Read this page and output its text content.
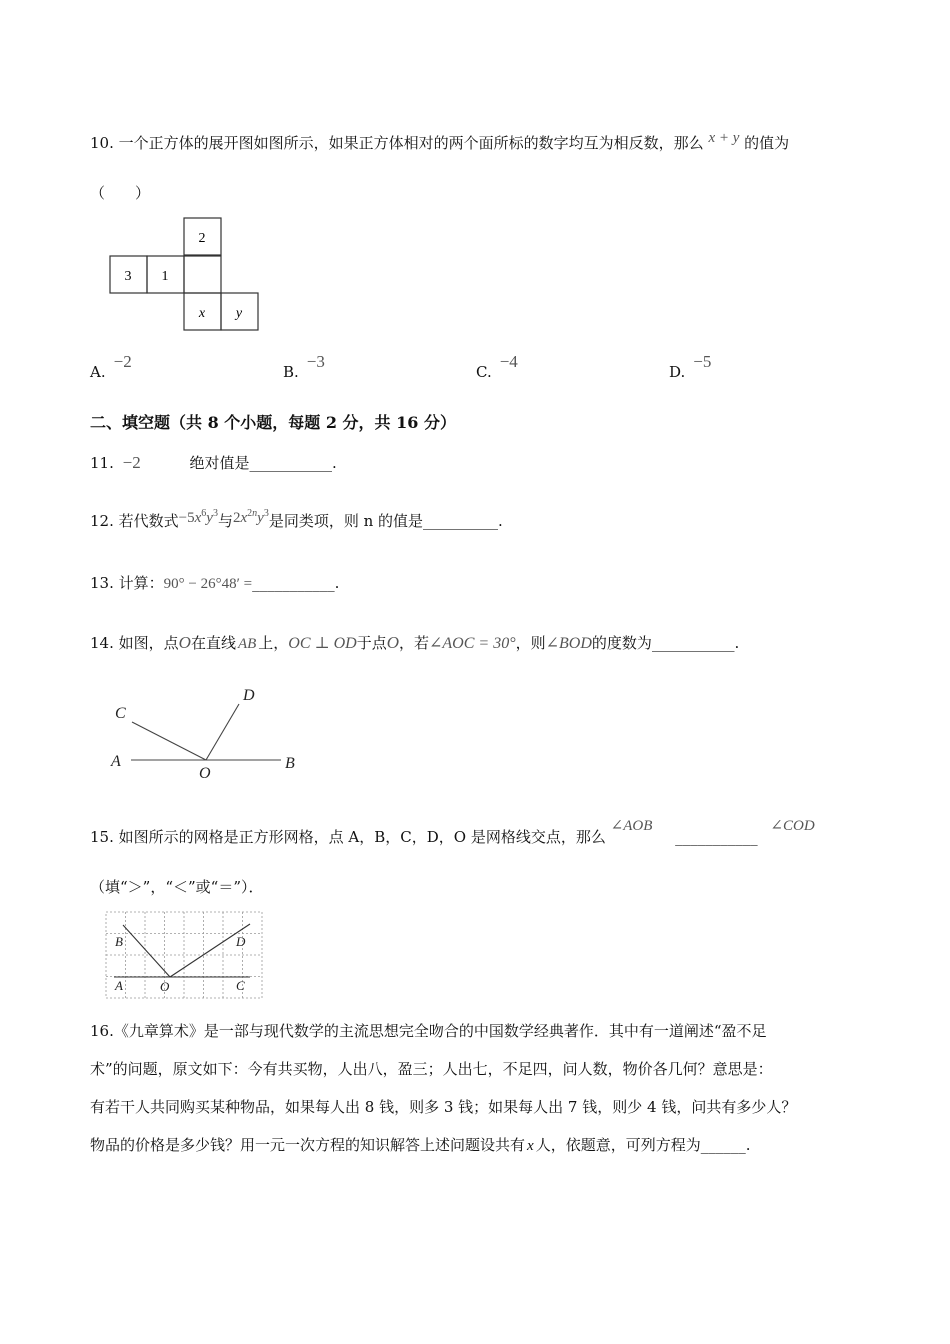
10. 一个正方体的展开图如图所示，如果正方体相对的两个面所标的数字均互为相反数，那么 x + y 的值为
（　　）
2
3 1
x y
A.−2
B.−3
C.−4
D.−5
二、填空题（共 8 个小题，每题 2 分，共 16 分）
11. −2	绝对值是___________.
12. 若代数式$-5x^6y^3$与$2x^{2n}y^3$是同类项，则 n 的值是__________.
13. 计算：90° − 26°48′ =___________.
14. 如图，点O在直线 AB 上，OC ⊥ OD于点O，若∠AOC = 30°，则∠BOD的度数为___________.
C
D
A
O
B
15. 如图所示的网格是正方形网格，点 A，B，C，D，O 是网格线交点，那么 ∠AOB ___________ ∠COD
（填“＞”，“＜”或“＝”）．
B	D
A	O	C
16.《九章算术》是一部与现代数学的主流思想完全吻合的中国数学经典著作．其中有一道阐述“盈不足
术”的问题，原文如下：今有共买物，人出八，盈三；人出七，不足四，问人数，物价各几何？意思是：
有若干人共同购买某种物品，如果每人出 8 钱，则多 3 钱；如果每人出 7 钱，则少 4 钱，问共有多少人？
物品的价格是多少钱？用一元一次方程的知识解答上述问题设共有 x 人，依题意，可列方程为______.
